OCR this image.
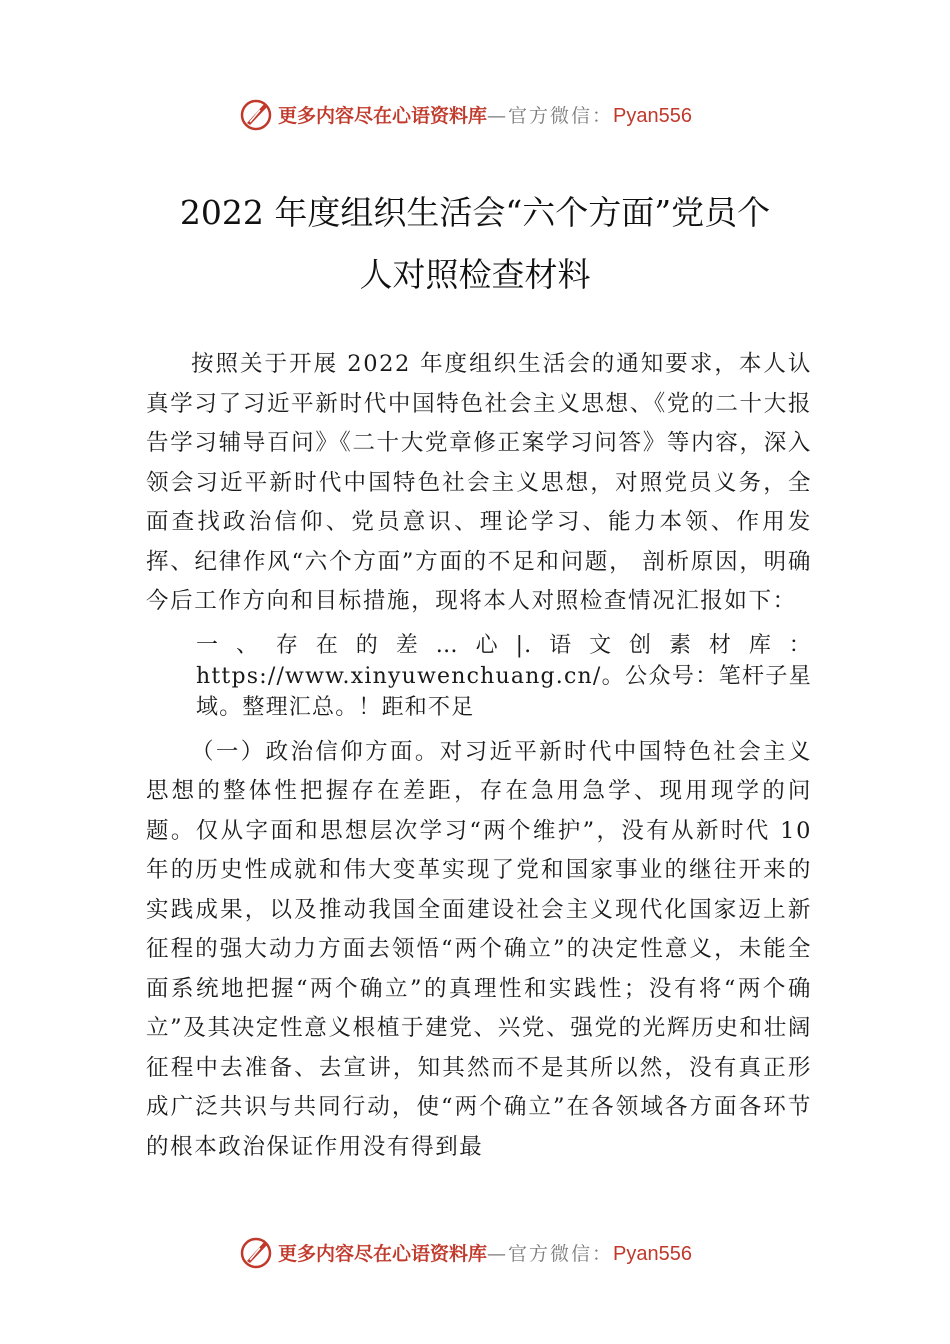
更多内容尽在心语资料库—官方微信：Pyan556
2022 年度组织生活会“六个方面”党员个
人对照检查材料

按照关于开展 2022 年度组织生活会的通知要求，本人认真学习了习近平新时代中国特色社会主义思想、《党的二十大报告学习辅导百问》《二十大党章修正案学习问答》等内容，深入领会习近平新时代中国特色社会主义思想，对照党员义务，全面查找政治信仰、党员意识、理论学习、能力本领、作用发挥、纪律作风“六个方面”方面的不足和问题， 剖析原因，明确今后工作方向和目标措施，现将本人对照检查情况汇报如下：

一、存在的差…心|.语文创素材库：https://www.xinyuwenchuang.cn/。公众号：笔杆子星域。整理汇总。！距和不足

（一）政治信仰方面。对习近平新时代中国特色社会主义思想的整体性把握存在差距，存在急用急学、现用现学的问题。仅从字面和思想层次学习“两个维护”，没有从新时代 10 年的历史性成就和伟大变革实现了党和国家事业的继往开来的实践成果，以及推动我国全面建设社会主义现代化国家迈上新征程的强大动力方面去领悟“两个确立”的决定性意义，未能全面系统地把握“两个确立”的真理性和实践性；没有将“两个确立”及其决定性意义根植于建党、兴党、强党的光辉历史和壮阔征程中去准备、去宣讲，知其然而不是其所以然，没有真正形成广泛共识与共同行动，使“两个确立”在各领域各方面各环节的根本政治保证作用没有得到最

更多内容尽在心语资料库—官方微信：Pyan556
